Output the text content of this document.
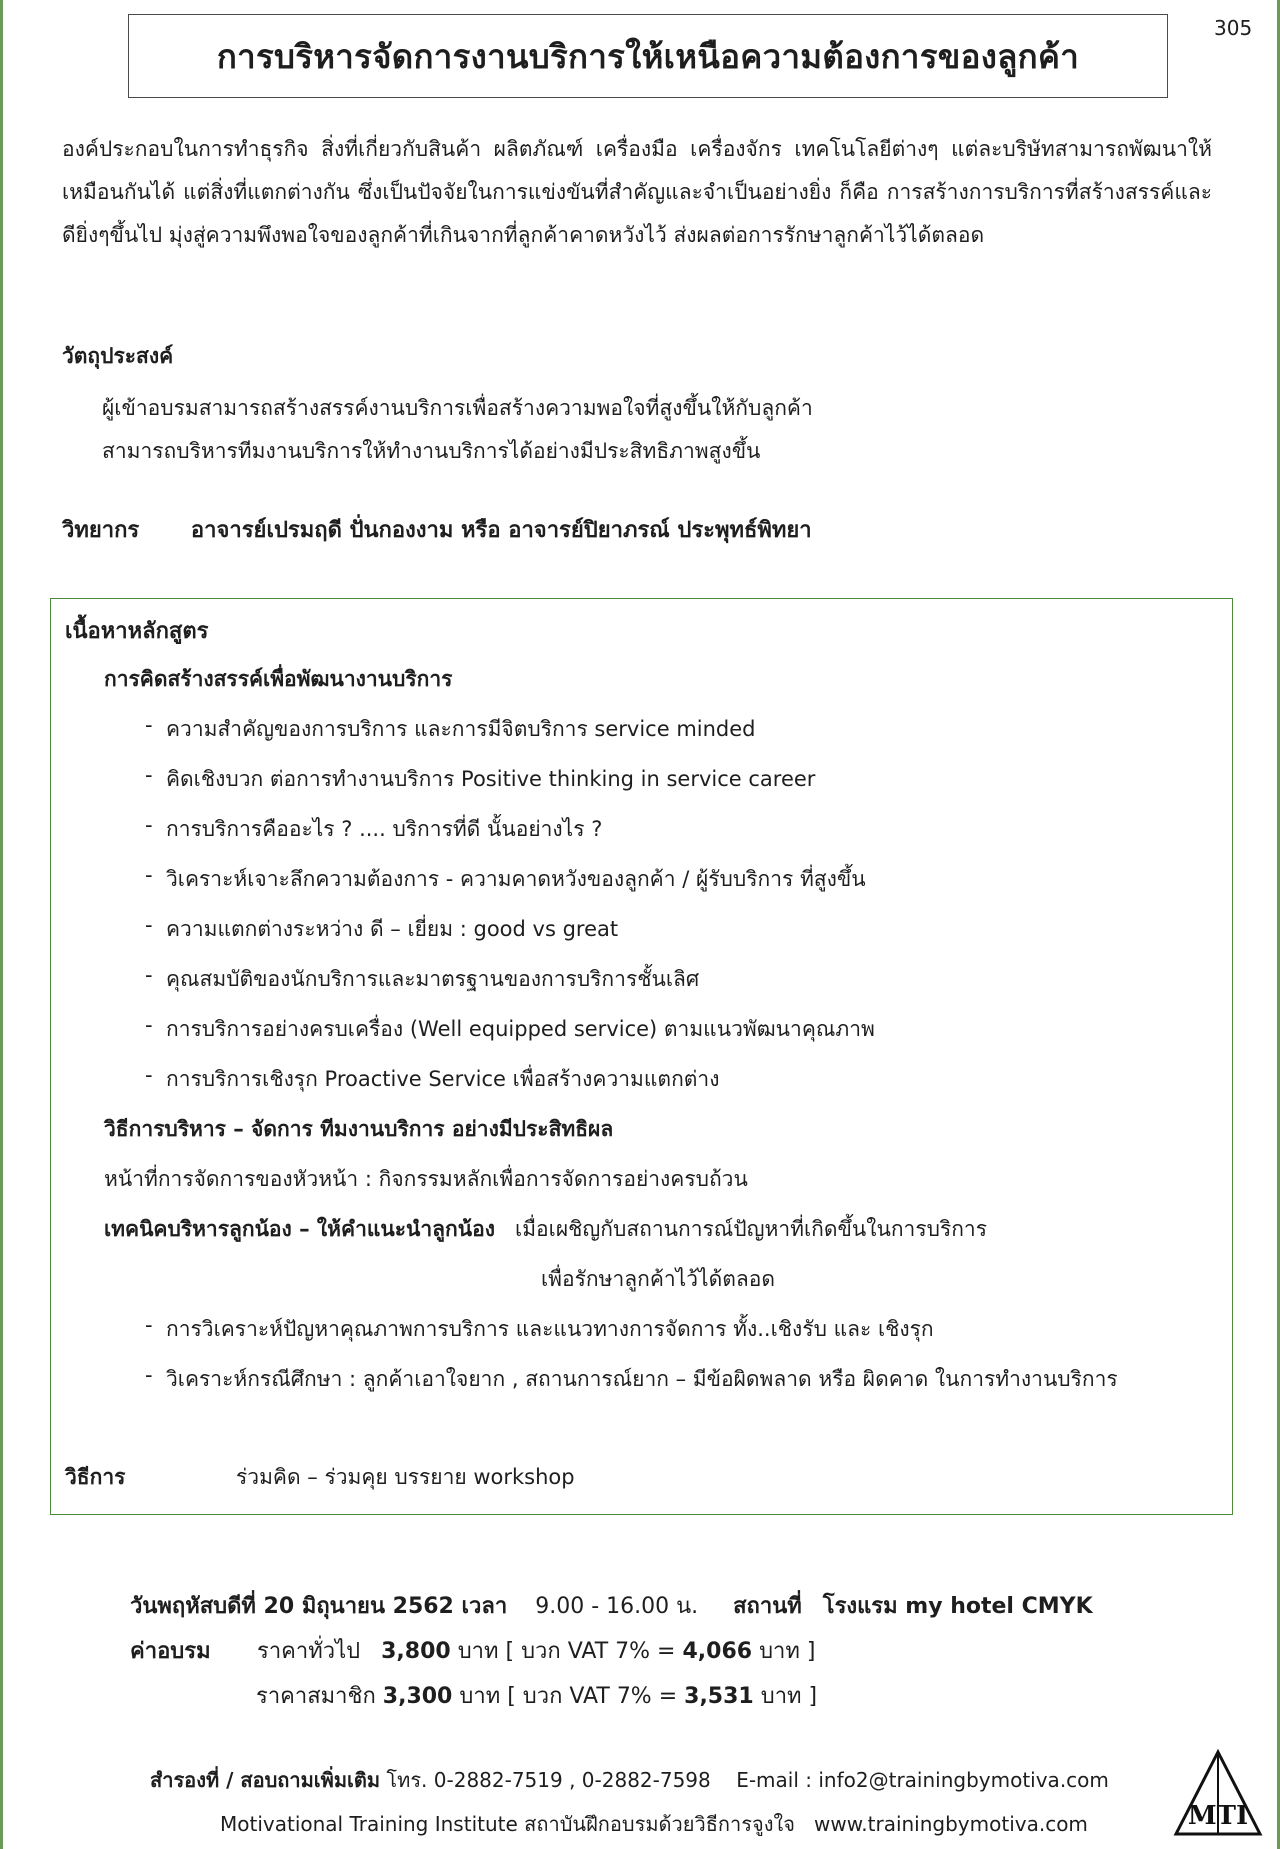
305
การบริหารจัดการงานบริการให้เหนือความต้องการของลูกค้า
องค์ประกอบในการทำธุรกิจ สิ่งที่เกี่ยวกับสินค้า ผลิตภัณฑ์ เครื่องมือ เครื่องจักร เทคโนโลยีต่างๆ แต่ละบริษัทสามารถพัฒนาให้เหมือนกันได้ แต่สิ่งที่แตกต่างกัน ซึ่งเป็นปัจจัยในการแข่งขันที่สำคัญและจำเป็นอย่างยิ่ง ก็คือ การสร้างการบริการที่สร้างสรรค์และดียิ่งๆขึ้นไป มุ่งสู่ความพึงพอใจของลูกค้าที่เกินจากที่ลูกค้าคาดหวังไว้ ส่งผลต่อการรักษาลูกค้าไว้ได้ตลอด
วัตถุประสงค์
ผู้เข้าอบรมสามารถสร้างสรรค์งานบริการเพื่อสร้างความพอใจที่สูงขึ้นให้กับลูกค้า
สามารถบริหารทีมงานบริการให้ทำงานบริการได้อย่างมีประสิทธิภาพสูงขึ้น
วิทยากร อาจารย์เปรมฤดี ปั่นกองงาม หรือ อาจารย์ปิยาภรณ์ ประพุทธ์พิทยา
เนื้อหาหลักสูตร
การคิดสร้างสรรค์เพื่อพัฒนางานบริการ
- ความสำคัญของการบริการ และการมีจิตบริการ service minded
- คิดเชิงบวก ต่อการทำงานบริการ Positive thinking in service career
- การบริการคืออะไร ? .... บริการที่ดี นั้นอย่างไร ?
- วิเคราะห์เจาะลึกความต้องการ - ความคาดหวังของลูกค้า / ผู้รับบริการ ที่สูงขึ้น
- ความแตกต่างระหว่าง ดี – เยี่ยม : good vs great
- คุณสมบัติของนักบริการและมาตรฐานของการบริการชั้นเลิศ
- การบริการอย่างครบเครื่อง (Well equipped service) ตามแนวพัฒนาคุณภาพ
- การบริการเชิงรุก Proactive Service เพื่อสร้างความแตกต่าง
วิธีการบริหาร – จัดการ ทีมงานบริการ อย่างมีประสิทธิผล
หน้าที่การจัดการของหัวหน้า : กิจกรรมหลักเพื่อการจัดการอย่างครบถ้วน
เทคนิคบริหารลูกน้อง – ให้คำแนะนำลูกน้อง เมื่อเผชิญกับสถานการณ์ปัญหาที่เกิดขึ้นในการบริการ
เพื่อรักษาลูกค้าไว้ได้ตลอด
- การวิเคราะห์ปัญหาคุณภาพการบริการ และแนวทางการจัดการ ทั้ง..เชิงรับ และ เชิงรุก
- วิเคราะห์กรณีศึกษา : ลูกค้าเอาใจยาก , สถานการณ์ยาก – มีข้อผิดพลาด หรือ ผิดคาด ในการทำงานบริการ
วิธีการ	ร่วมคิด – ร่วมคุย บรรยาย workshop
วันพฤหัสบดีที่ 20 มิถุนายน 2562 เวลา 9.00 - 16.00 น. สถานที่ โรงแรม my hotel CMYK
ค่าอบรม ราคาทั่วไป 3,800 บาท [ บวก VAT 7% = 4,066 บาท ]
ราคาสมาชิก 3,300 บาท [ บวก VAT 7% = 3,531 บาท ]
สำรองที่ / สอบถามเพิ่มเติม โทร. 0-2882-7519 , 0-2882-7598 E-mail : info2@trainingbymotiva.com
Motivational Training Institute สถาบันฝึกอบรมด้วยวิธีการจูงใจ www.trainingbymotiva.com	MTI
